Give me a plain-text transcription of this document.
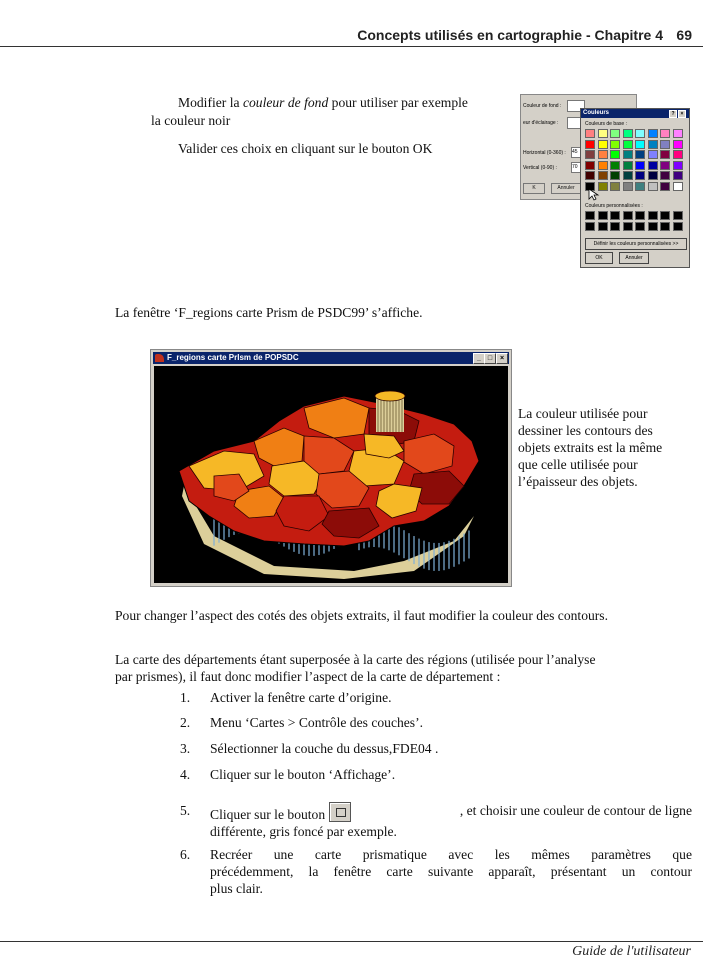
Concepts utilisés en cartographie - Chapitre 4 69
Modifier la couleur de fond pour utiliser par exemple
la couleur noir
Valider ces choix en cliquant sur le bouton OK
Couleur de fond :
eur d'éclairage :
Horizontal (0-360) : 45
Vertical (0-90) :	70
K	Annuler
Couleurs	?	×
Couleurs de base :
Couleurs personnalisées :
Définir les couleurs personnalisées >>
OK	Annuler
La fenêtre ‘F_regions carte Prism de PSDC99’ s’affiche.
F_regions carte PrIsm de POPSDC	_ □	×
La couleur utilisée pour
dessiner les contours des
objets extraits est la même
que celle utilisée pour
l’épaisseur des objets.
Pour changer l’aspect des cotés des objets extraits, il faut modifier la couleur des contours.
La carte des départements étant superposée à la carte des régions (utilisée pour l’analyse
par prismes), il faut donc modifier l’aspect de la carte de département :
1.	Activer la fenêtre carte d’origine.
2.	Menu ‘Cartes > Contrôle des couches’.
3.	Sélectionner la couche du dessus,FDE04 .
4.	Cliquer sur le bouton ‘Affichage’.
5.	Cliquer sur le bouton	, et choisir une couleur de contour de ligne
différente, gris foncé par exemple.
6.	Recréer une carte prismatique avec les mêmes paramètres que
précédemment, la fenêtre carte suivante apparaît, présentant un contour
plus clair.
Guide de l'utilisateur
